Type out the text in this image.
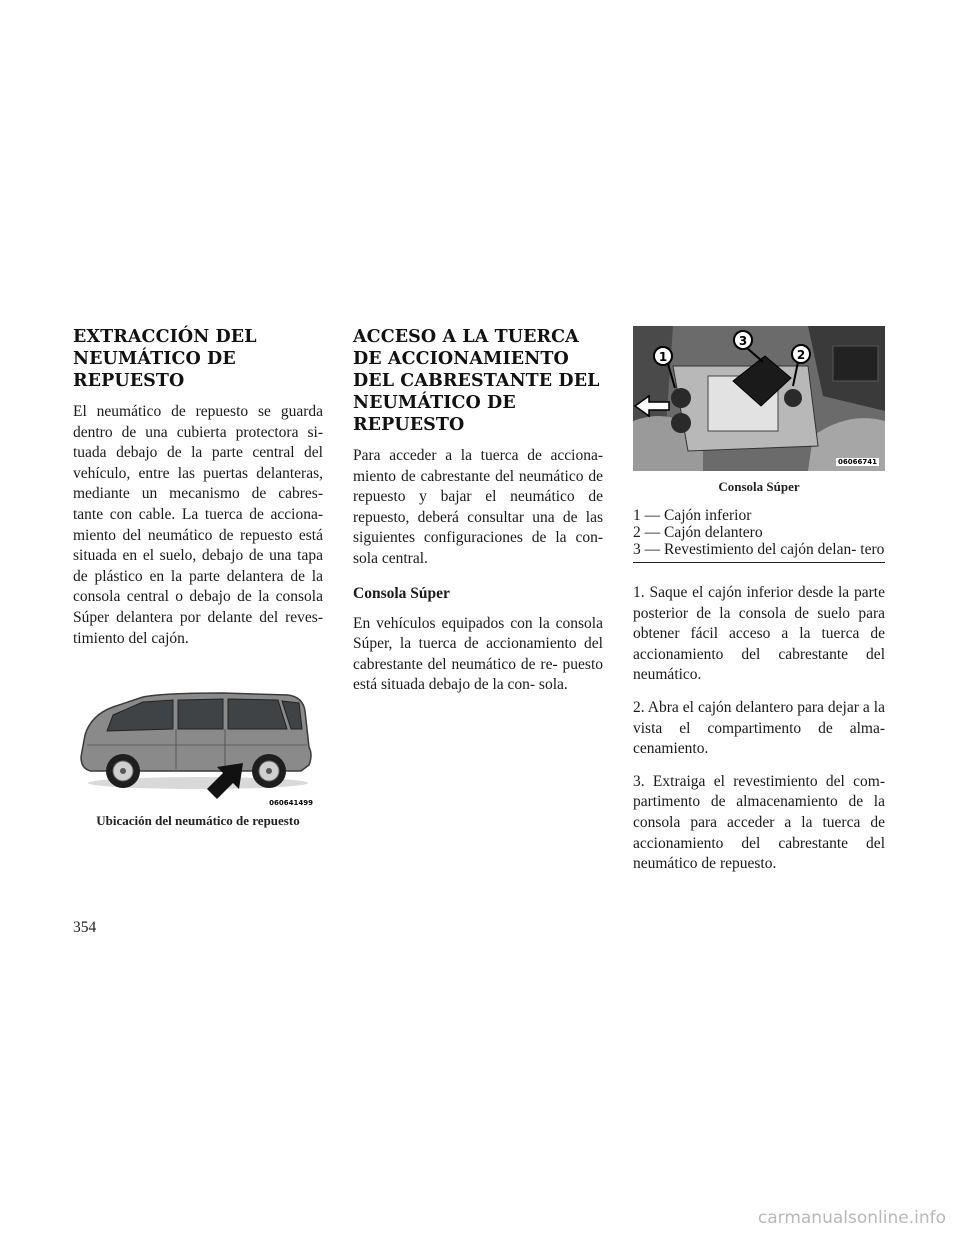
EXTRACCIÓN DEL NEUMÁTICO DE REPUESTO

El neumático de repuesto se guarda dentro de una cubierta protectora si- tuada debajo de la parte central del vehículo, entre las puertas delanteras, mediante un mecanismo de cabres- tante con cable. La tuerca de acciona- miento del neumático de repuesto está situada en el suelo, debajo de una tapa de plástico en la parte delantera de la consola central o debajo de la consola Súper delantera por delante del reves- timiento del cajón.

060641499
Ubicación del neumático de repuesto
ACCESO A LA TUERCA DE ACCIONAMIENTO DEL CABRESTANTE DEL NEUMÁTICO DE REPUESTO

Para acceder a la tuerca de acciona- miento de cabrestante del neumático de repuesto y bajar el neumático de repuesto, deberá consultar una de las siguientes configuraciones de la con- sola central.

Consola Súper

En vehículos equipados con la consola Súper, la tuerca de accionamiento del cabrestante del neumático de re- puesto está situada debajo de la con- sola.

1
3
2
06066741
Consola Súper
1 — Cajón inferior
2 — Cajón delantero
3 — Revestimiento del cajón delan- tero

1. Saque el cajón inferior desde la parte posterior de la consola de suelo para obtener fácil acceso a la tuerca de accionamiento del cabrestante del neumático.

2. Abra el cajón delantero para dejar a la vista el compartimento de alma- cenamiento.

3. Extraiga el revestimiento del com- partimento de almacenamiento de la consola para acceder a la tuerca de accionamiento del cabrestante del neumático de repuesto.

354
carmanualsonline.info
